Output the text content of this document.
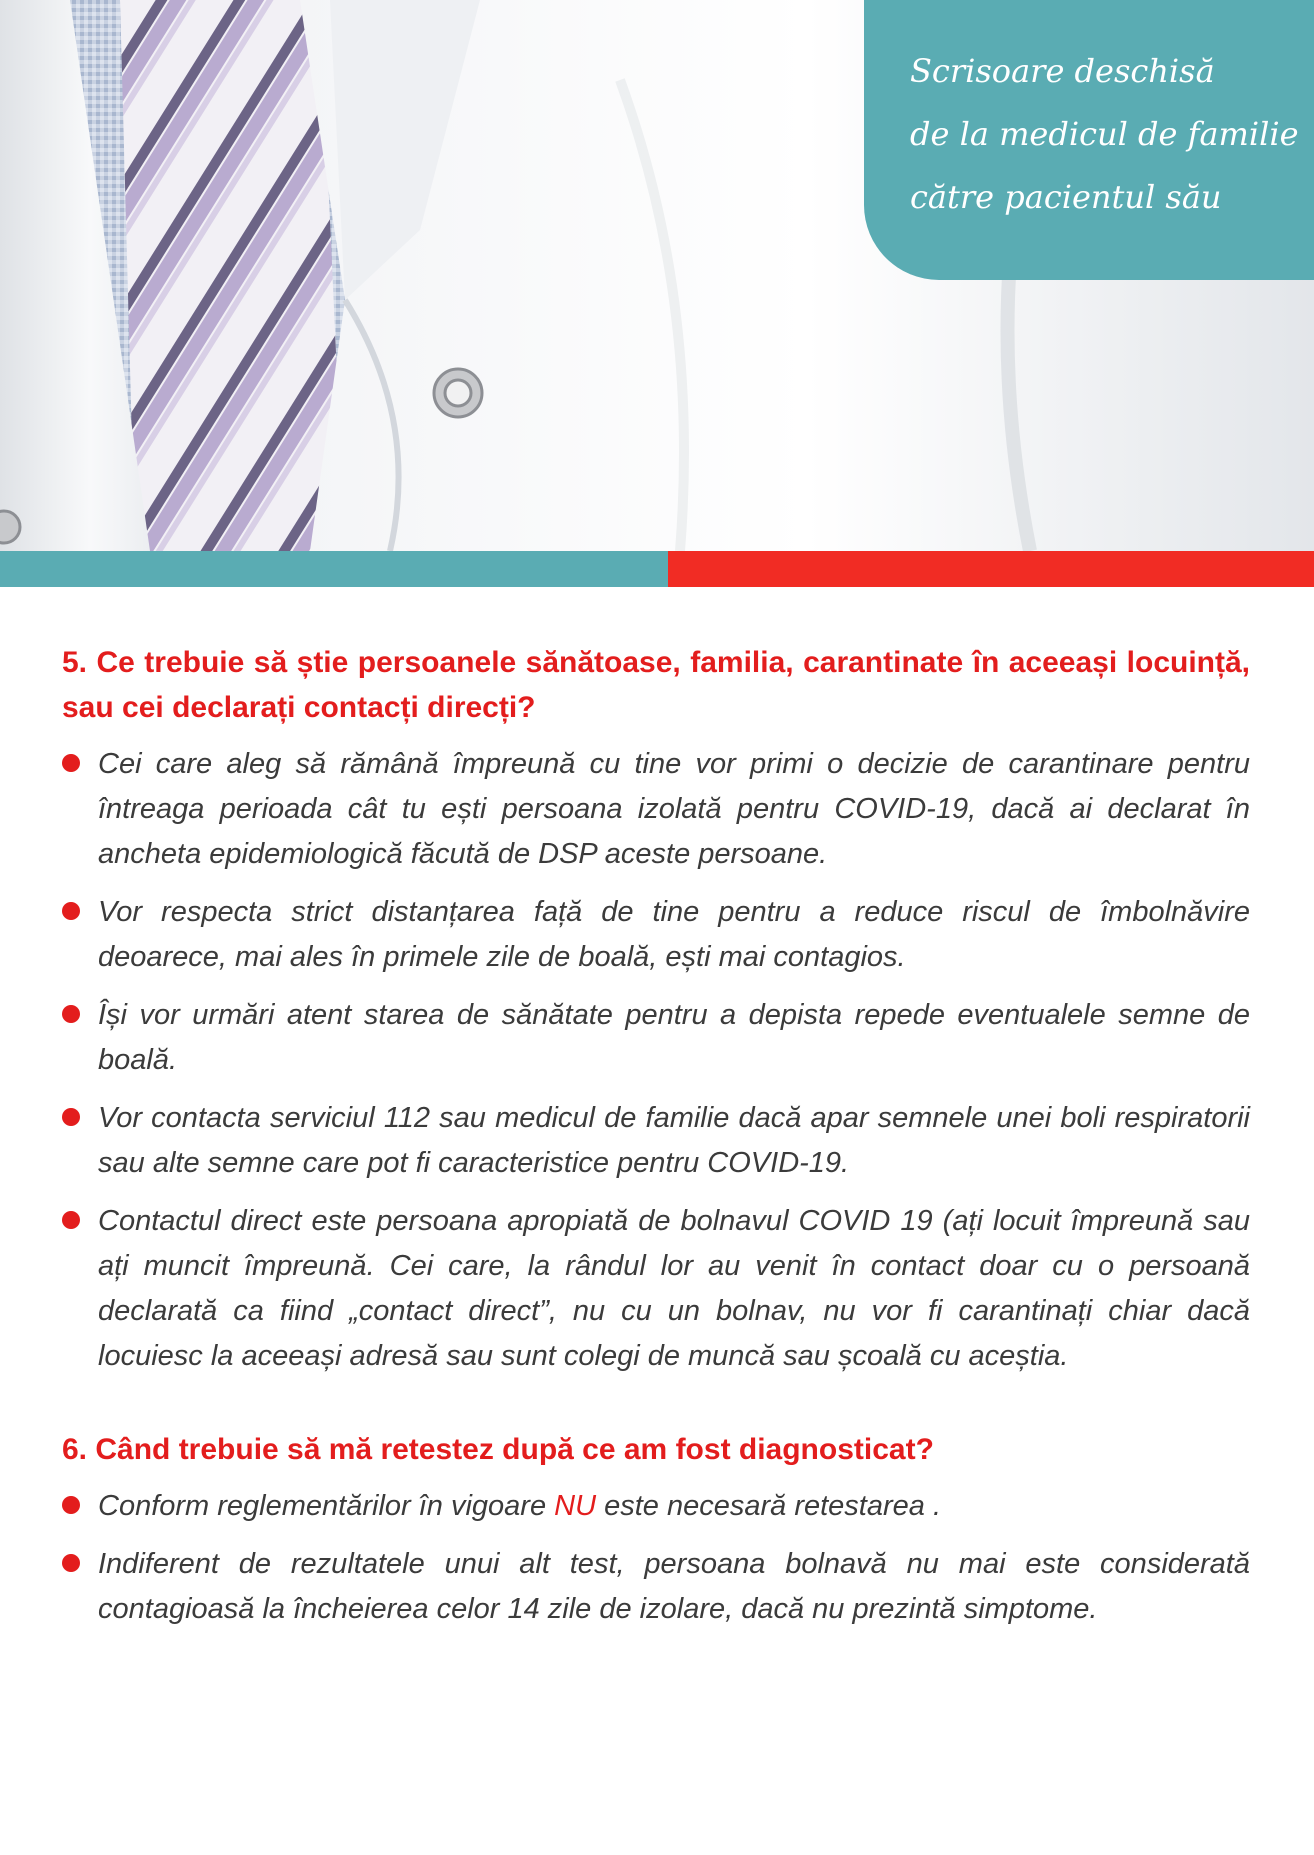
Scrisoare deschisă
de la medicul de familie
către pacientul său
5. Ce trebuie să știe persoanele sănătoase, familia, carantinate în aceeași locuință, sau cei declarați contacți direcți?
Cei care aleg să rămână împreună cu tine vor primi o decizie de carantinare pentru întreaga perioada cât tu ești persoana izolată pentru COVID-19, dacă ai declarat în ancheta epidemiologică făcută de DSP aceste persoane.
Vor respecta strict distanțarea față de tine pentru a reduce riscul de îmbolnăvire deoarece, mai ales în primele zile de boală, ești mai contagios.
Își vor urmări atent starea de sănătate pentru a depista repede eventualele semne de boală.
Vor contacta serviciul 112 sau medicul de familie dacă apar semnele unei boli respiratorii sau alte semne care pot fi caracteristice pentru COVID-19.
Contactul direct este persoana apropiată de bolnavul COVID 19 (ați locuit împreună sau ați muncit împreună. Cei care, la rândul lor au venit în contact doar cu o persoană declarată ca fiind „contact direct”, nu cu un bolnav, nu vor fi carantinați chiar dacă locuiesc la aceeași adresă sau sunt colegi de muncă sau școală cu aceștia.
6. Când trebuie să mă retestez după ce am fost diagnosticat?
Conform reglementărilor în vigoare NU este necesară retestarea .
Indiferent de rezultatele unui alt test, persoana bolnavă nu mai este considerată contagioasă la încheierea celor 14 zile de izolare, dacă nu prezintă simptome.
